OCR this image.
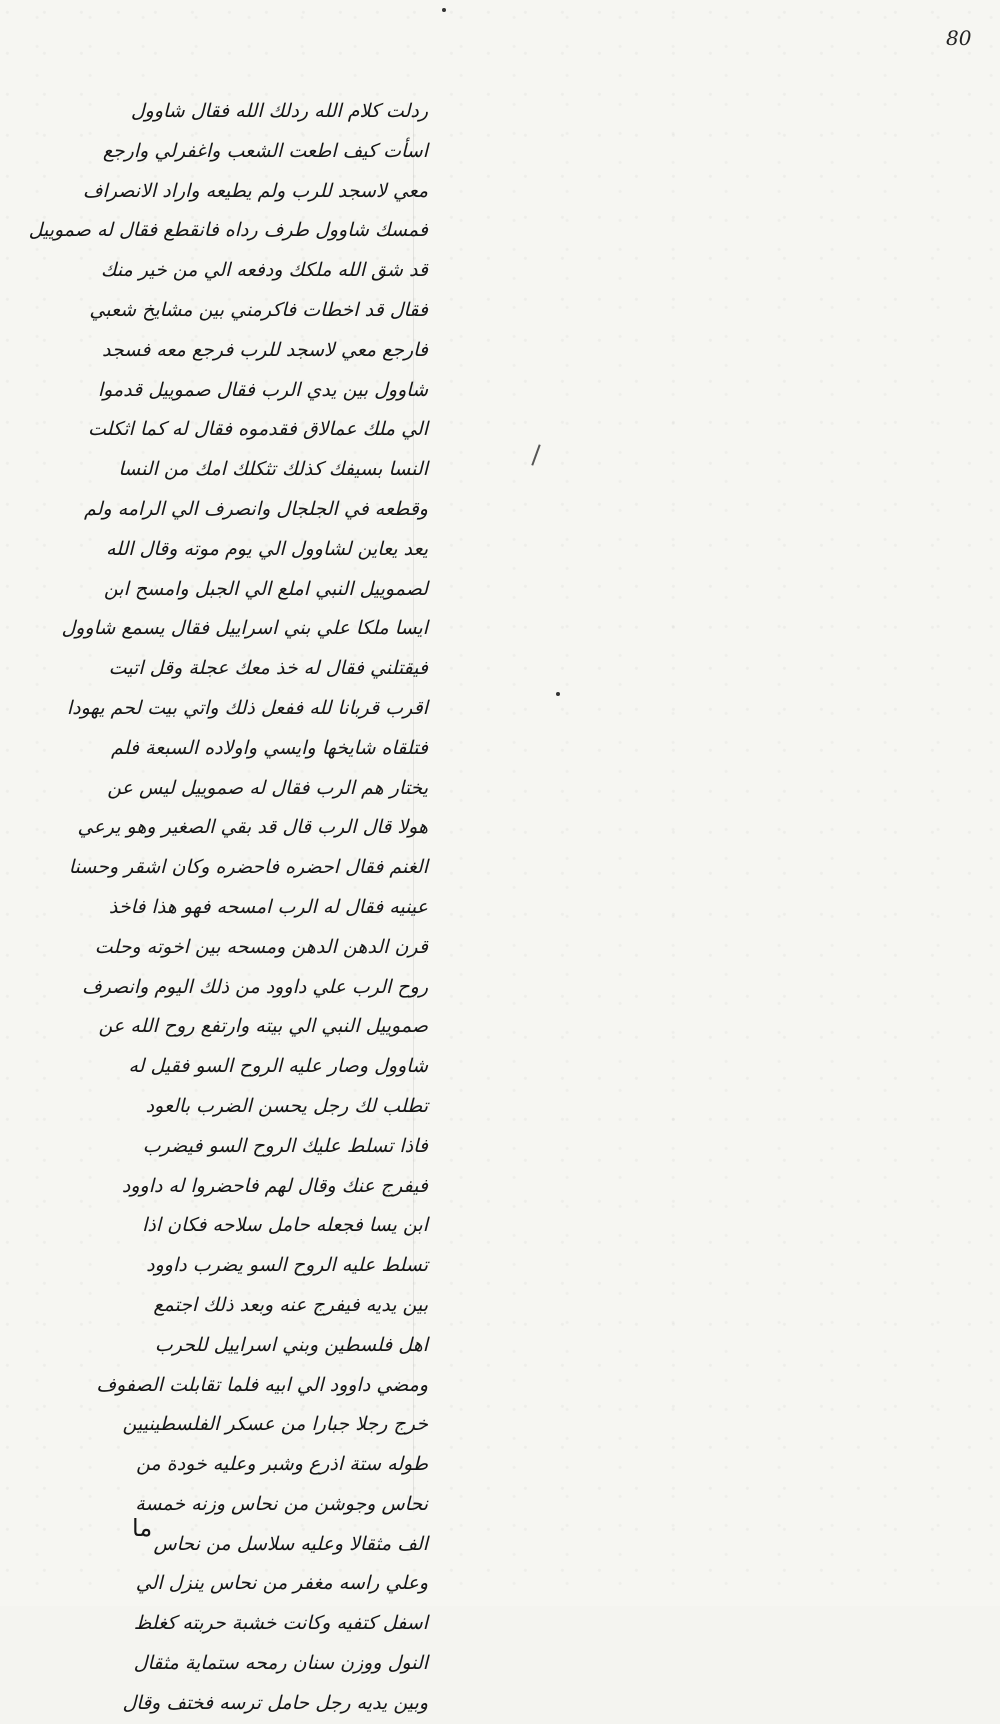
80
ردلت كلام الله ردلك الله فقال شاوول
اسأت كيف اطعت الشعب واغفرلي وارجع
معي لاسجد للرب ولم يطيعه واراد الانصراف
فمسك شاوول طرف رداه فانقطع فقال له صموييل
قد شق الله ملكك ودفعه الي من خير منك
فقال قد اخطات فاكرمني بين مشايخ شعبي
فارجع معي لاسجد للرب فرجع معه فسجد
شاوول بين يدي الرب فقال صموييل قدموا
الي ملك عمالاق فقدموه فقال له كما اثكلت
النسا بسيفك كذلك تثكلك امك من النسا
وقطعه في الجلجال وانصرف الي الرامه ولم
يعد يعاين لشاوول الي يوم موته وقال الله
لصموييل النبي املع الي الجبل وامسح ابن
ايسا ملكا علي بني اسراييل فقال يسمع شاوول
فيقتلني فقال له خذ معك عجلة وقل اتيت
اقرب قربانا لله ففعل ذلك واتي بيت لحم يهودا
فتلقاه شايخها وايسي واولاده السبعة فلم
يختار هم الرب فقال له صموييل ليس عن
هولا قال الرب قال قد بقي الصغير وهو يرعي
الغنم فقال احضره فاحضره وكان اشقر وحسنا
عينيه فقال له الرب امسحه فهو هذا فاخذ
قرن الدهن الدهن ومسحه بين اخوته وحلت
روح الرب علي داوود من ذلك اليوم وانصرف
صموييل النبي الي بيته وارتفع روح الله عن
شاوول وصار عليه الروح السو فقيل له
تطلب لك رجل يحسن الضرب بالعود
فاذا تسلط عليك الروح السو فيضرب
فيفرج عنك وقال لهم فاحضروا له داوود
ابن يسا فجعله حامل سلاحه فكان اذا
تسلط عليه الروح السو يضرب داوود
بين يديه فيفرج عنه وبعد ذلك اجتمع
اهل فلسطين وبني اسراييل للحرب
ومضي داوود الي ابيه فلما تقابلت الصفوف
خرج رجلا جبارا من عسكر الفلسطينيين
طوله ستة اذرع وشبر وعليه خودة من
نحاس وجوشن من نحاس وزنه خمسة
الف مثقالا وعليه سلاسل من نحاس
وعلي راسه مغفر من نحاس ينزل الي
اسفل كتفيه وكانت خشبة حربته كغلظ
النول ووزن سنان رمحه ستماية مثقال
وبين يديه رجل حامل ترسه فختف وقال
ما
